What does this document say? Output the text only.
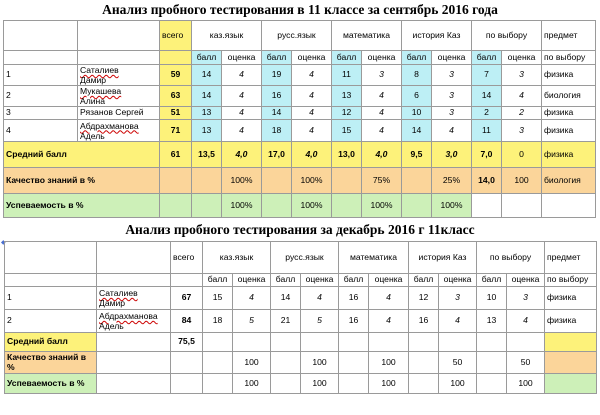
Анализ пробного тестирования в 11 классе за сентябрь 2016 года
		всего	каз.язык		русс.язык		математика		история Каз		по выбору		предмет
			балл	оценка	балл	оценка	балл	оценка	балл	оценка	балл	оценка	по выбору
1	Саталиев
Дамир	59	14	4	19	4	11	3	8	3	7	3	физика
2	Мукашева
Алина	63	14	4	16	4	13	4	6	3	14	4	биология
3	Рязанов Сергей	51	13	4	14	4	12	4	10	3	2	2	физика
4	Абдрахманова
Адель	71	13	4	18	4	15	4	14	4	11	3	физика
Средний балл		61	13,5	4,0	17,0	4,0	13,0	4,0	9,5	3,0	7,0	0	физика
Качество знаний в %				100%		100%		75%		25%	14,0	100	биология
Успеваемость в %				100%		100%		100%		100%			
Анализ пробного тестирования за декабрь 2016 г 11класс
◆
		всего	каз.язык		русс.язык		математика		история Каз		по выбору		предмет
			балл	оценка	балл	оценка	балл	оценка	балл	оценка	балл	оценка	по выбору
1	Саталиев
Дамир	67	15	4	14	4	16	4	12	3	10	3	физика
2	Абдрахманова
Адель	84	18	5	21	5	16	4	16	4	13	4	физика
Средний балл		75,5											
Качество знаний в %				100		100		100		50		50	
Успеваемость в %				100		100		100		100		100	
